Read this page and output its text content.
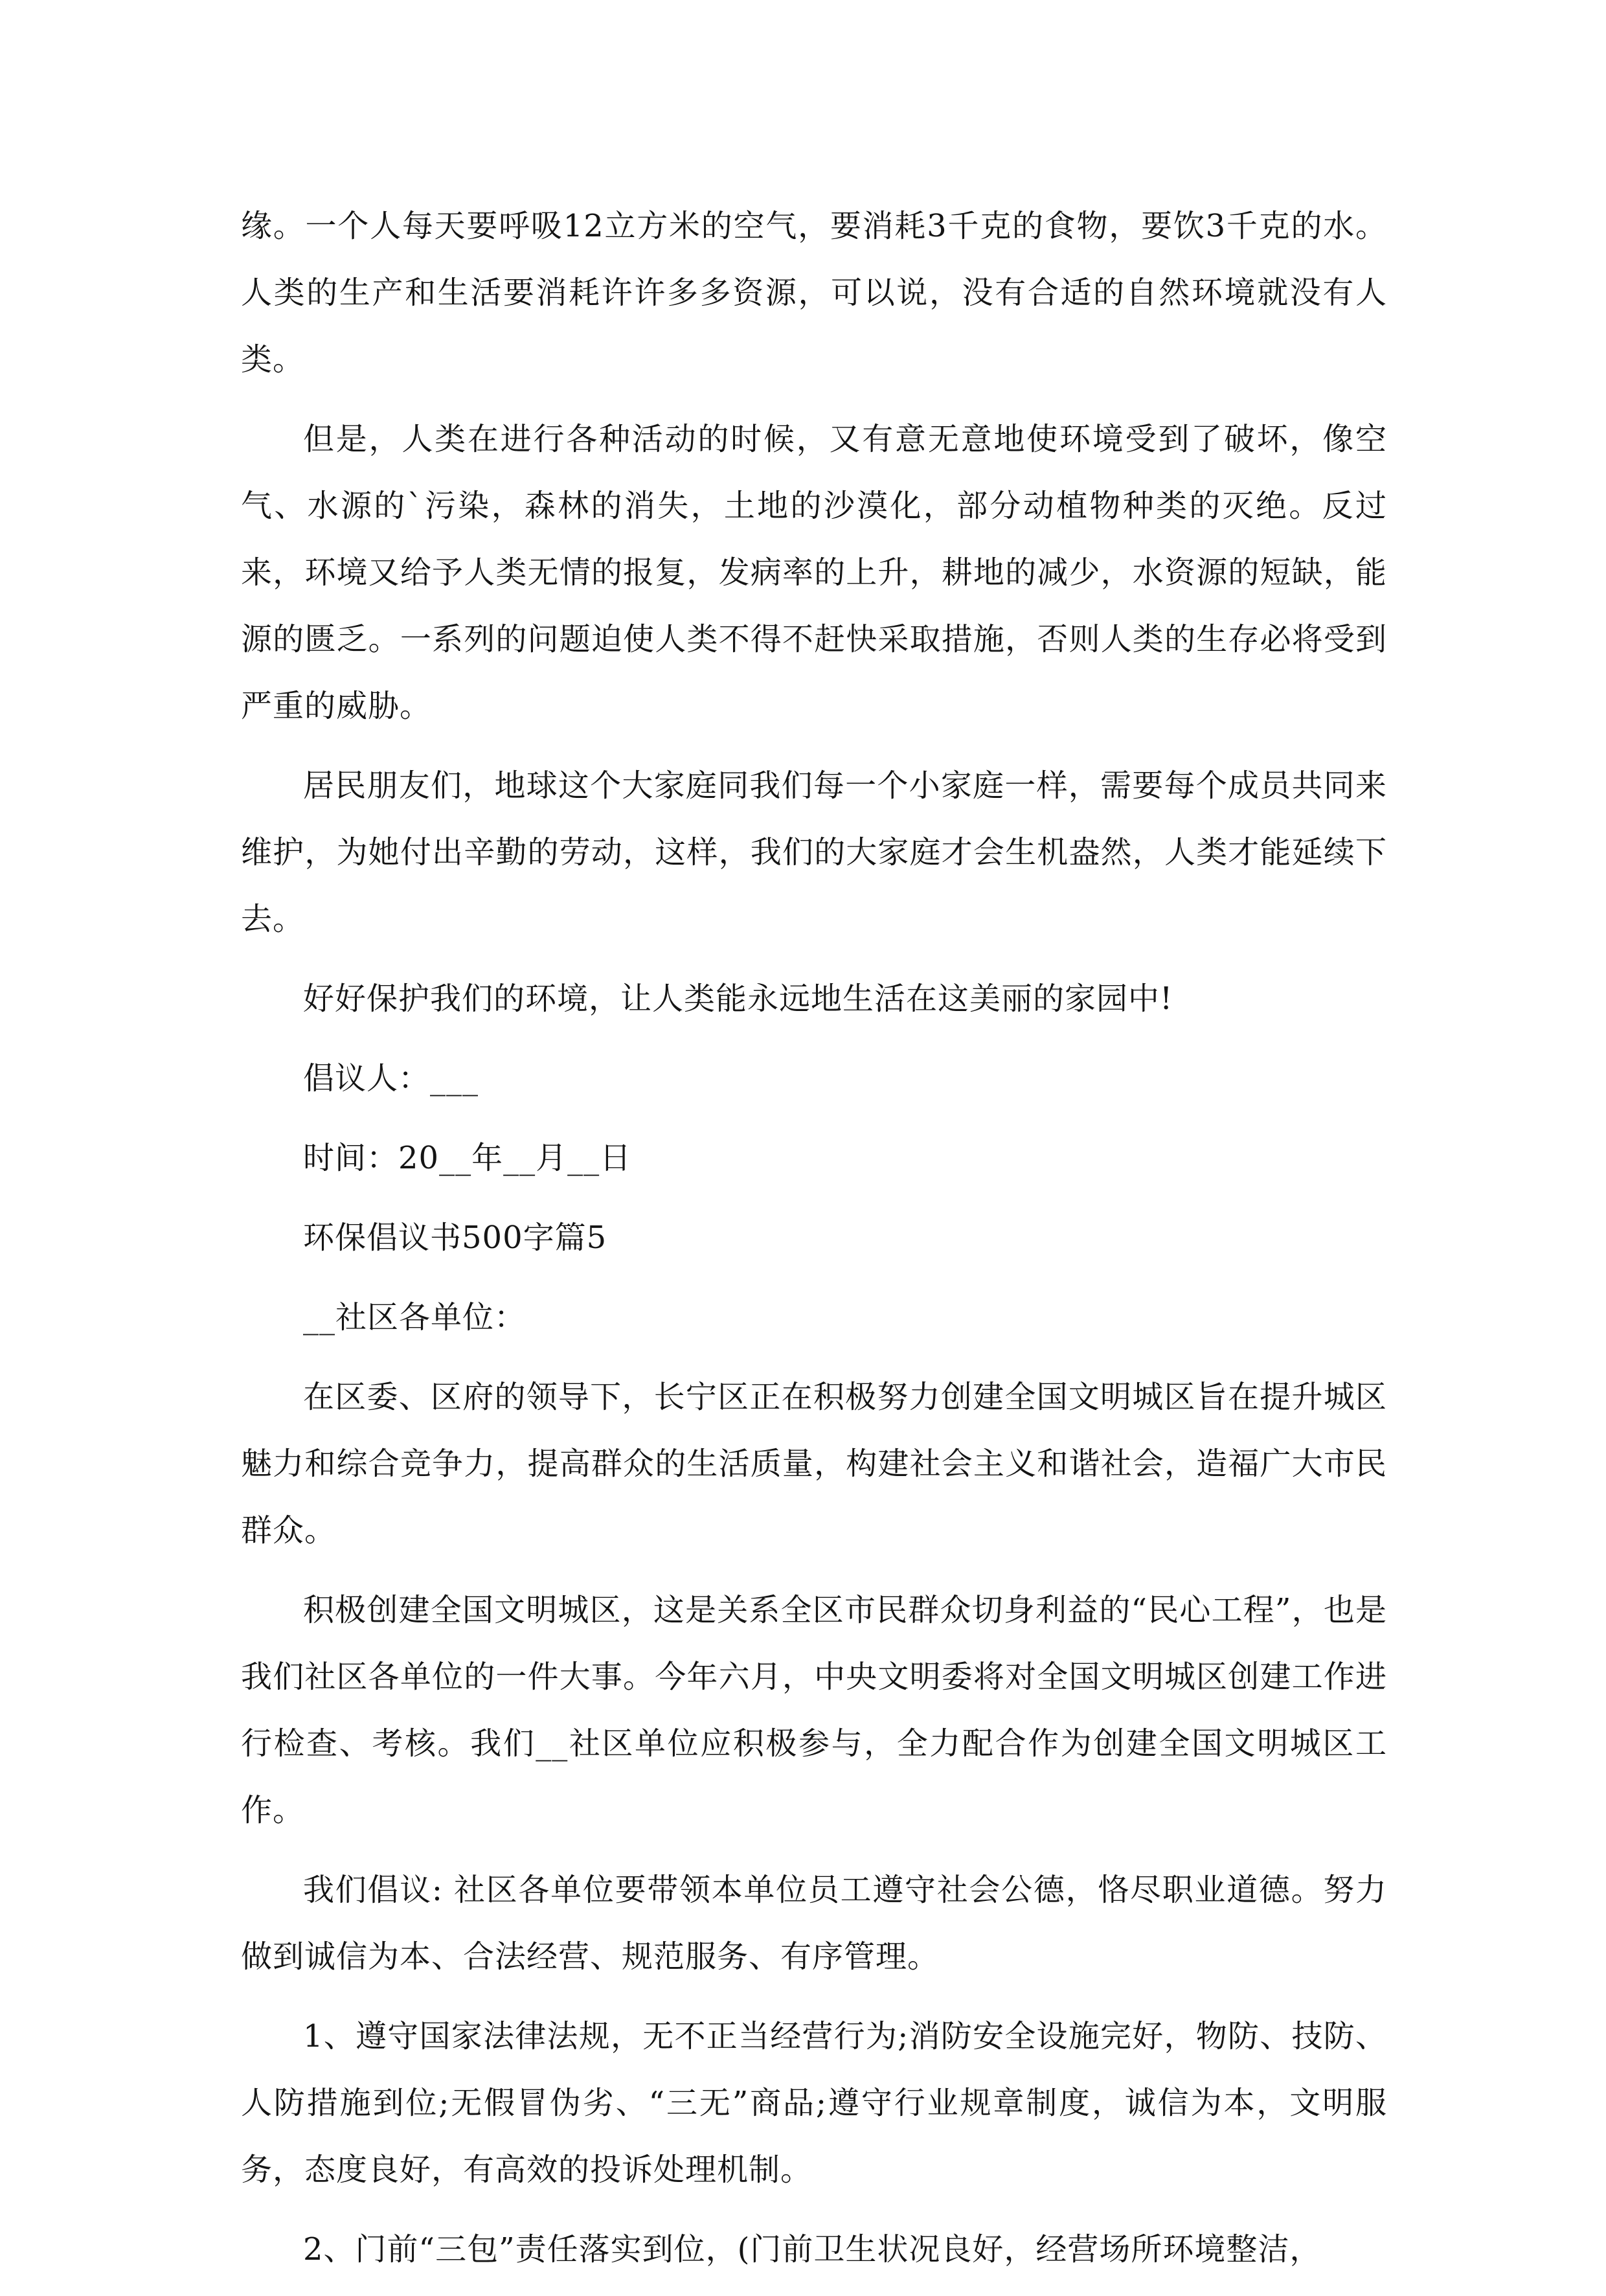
缘。一个人每天要呼吸12立方米的空气，要消耗3千克的食物，要饮3千克的水。人类的生产和生活要消耗许许多多资源，可以说，没有合适的自然环境就没有人类。

但是，人类在进行各种活动的时候，又有意无意地使环境受到了破坏，像空气、水源的`污染，森林的消失，土地的沙漠化，部分动植物种类的灭绝。反过来，环境又给予人类无情的报复，发病率的上升，耕地的减少，水资源的短缺，能源的匮乏。一系列的问题迫使人类不得不赶快采取措施，否则人类的生存必将受到严重的威胁。

居民朋友们，地球这个大家庭同我们每一个小家庭一样，需要每个成员共同来维护，为她付出辛勤的劳动，这样，我们的大家庭才会生机盎然，人类才能延续下去。

好好保护我们的环境，让人类能永远地生活在这美丽的家园中!

倡议人：___

时间：20__年__月__日

环保倡议书500字篇5

__社区各单位：

在区委、区府的领导下，长宁区正在积极努力创建全国文明城区旨在提升城区魅力和综合竞争力，提高群众的生活质量，构建社会主义和谐社会，造福广大市民群众。

积极创建全国文明城区，这是关系全区市民群众切身利益的“民心工程”，也是我们社区各单位的一件大事。今年六月，中央文明委将对全国文明城区创建工作进行检查、考核。我们__社区单位应积极参与，全力配合作为创建全国文明城区工作。

我们倡议: 社区各单位要带领本单位员工遵守社会公德，恪尽职业道德。努力做到诚信为本、合法经营、规范服务、有序管理。

1、遵守国家法律法规，无不正当经营行为;消防安全设施完好，物防、技防、人防措施到位;无假冒伪劣、“三无”商品;遵守行业规章制度，诚信为本，文明服务，态度良好，有高效的投诉处理机制。

2、门前“三包”责任落实到位，(门前卫生状况良好，经营场所环境整洁，
